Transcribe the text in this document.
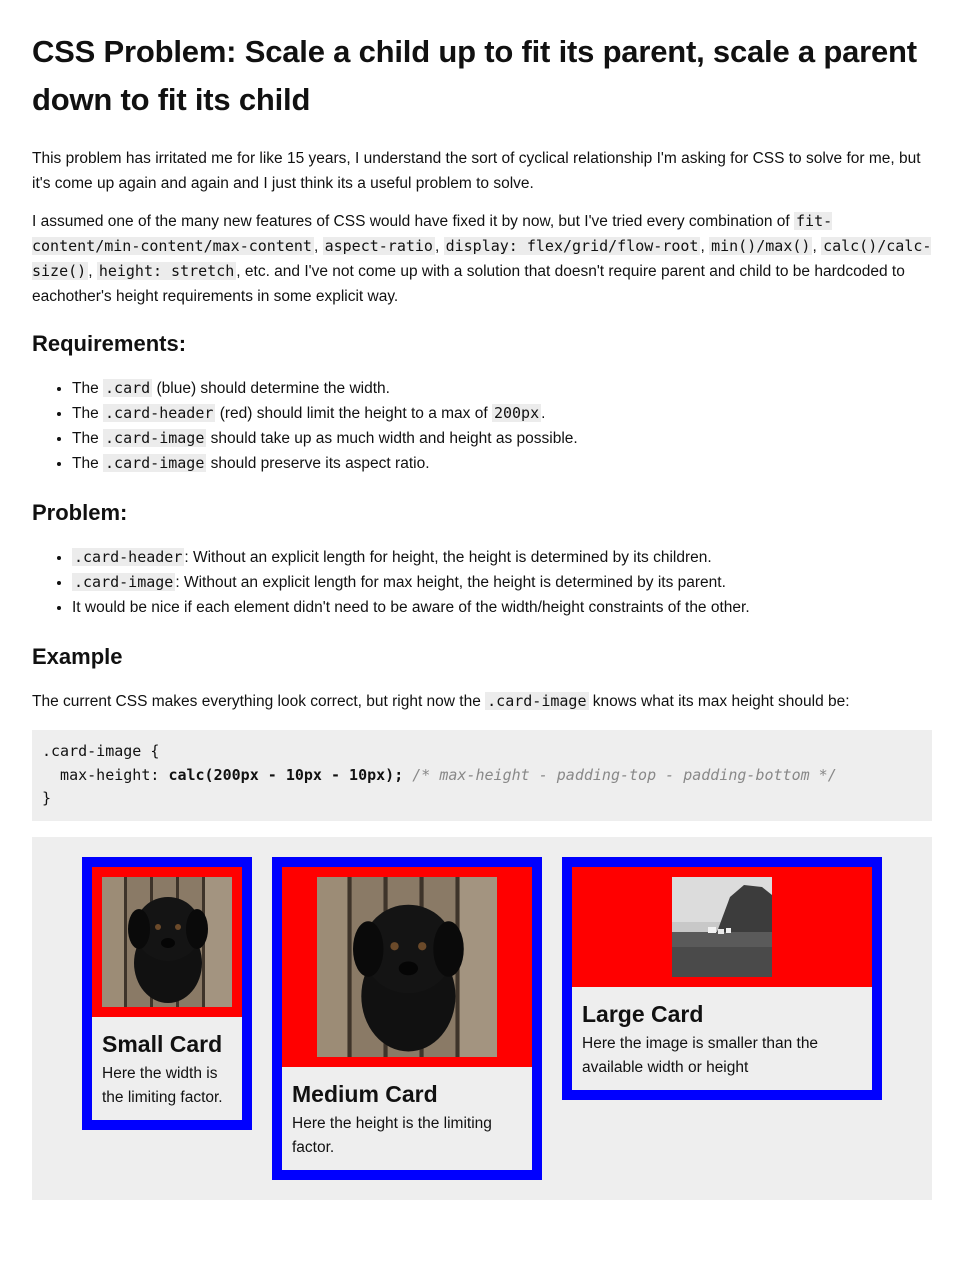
CSS Problem: Scale a child up to fit its parent, scale a parent down to fit its child

This problem has irritated me for like 15 years, I understand the sort of cyclical relationship I'm asking for CSS to solve for me, but it's come up again and again and I just think its a useful problem to solve.

I assumed one of the many new features of CSS would have fixed it by now, but I've tried every combination of fit-content/min-content/max-content , aspect-ratio , display: flex/grid/flow-root , min()/max() , calc()/calc-size() , height: stretch , etc. and I've not come up with a solution that doesn't require parent and child to be hardcoded to eachother's height requirements in some explicit way.

Requirements:
• The .card (blue) should determine the width.
• The .card-header (red) should limit the height to a max of 200px .
• The .card-image should take up as much width and height as possible.
• The .card-image should preserve its aspect ratio.
Problem:
• .card-header : Without an explicit length for height, the height is determined by its children.
• .card-image : Without an explicit length for max height, the height is determined by its parent.
• It would be nice if each element didn't need to be aware of the width/height constraints of the other.
Example

The current CSS makes everything look correct, but right now the .card-image knows what its max height should be:

.card-image {
max-height: calc(200px - 10px - 10px); /* max-height - padding-top - padding-bottom */
}
Small Card

Here the width is the limiting factor.	Medium Card

Here the height is the limiting factor.

Large Card

Here the image is smaller than the available width or height
